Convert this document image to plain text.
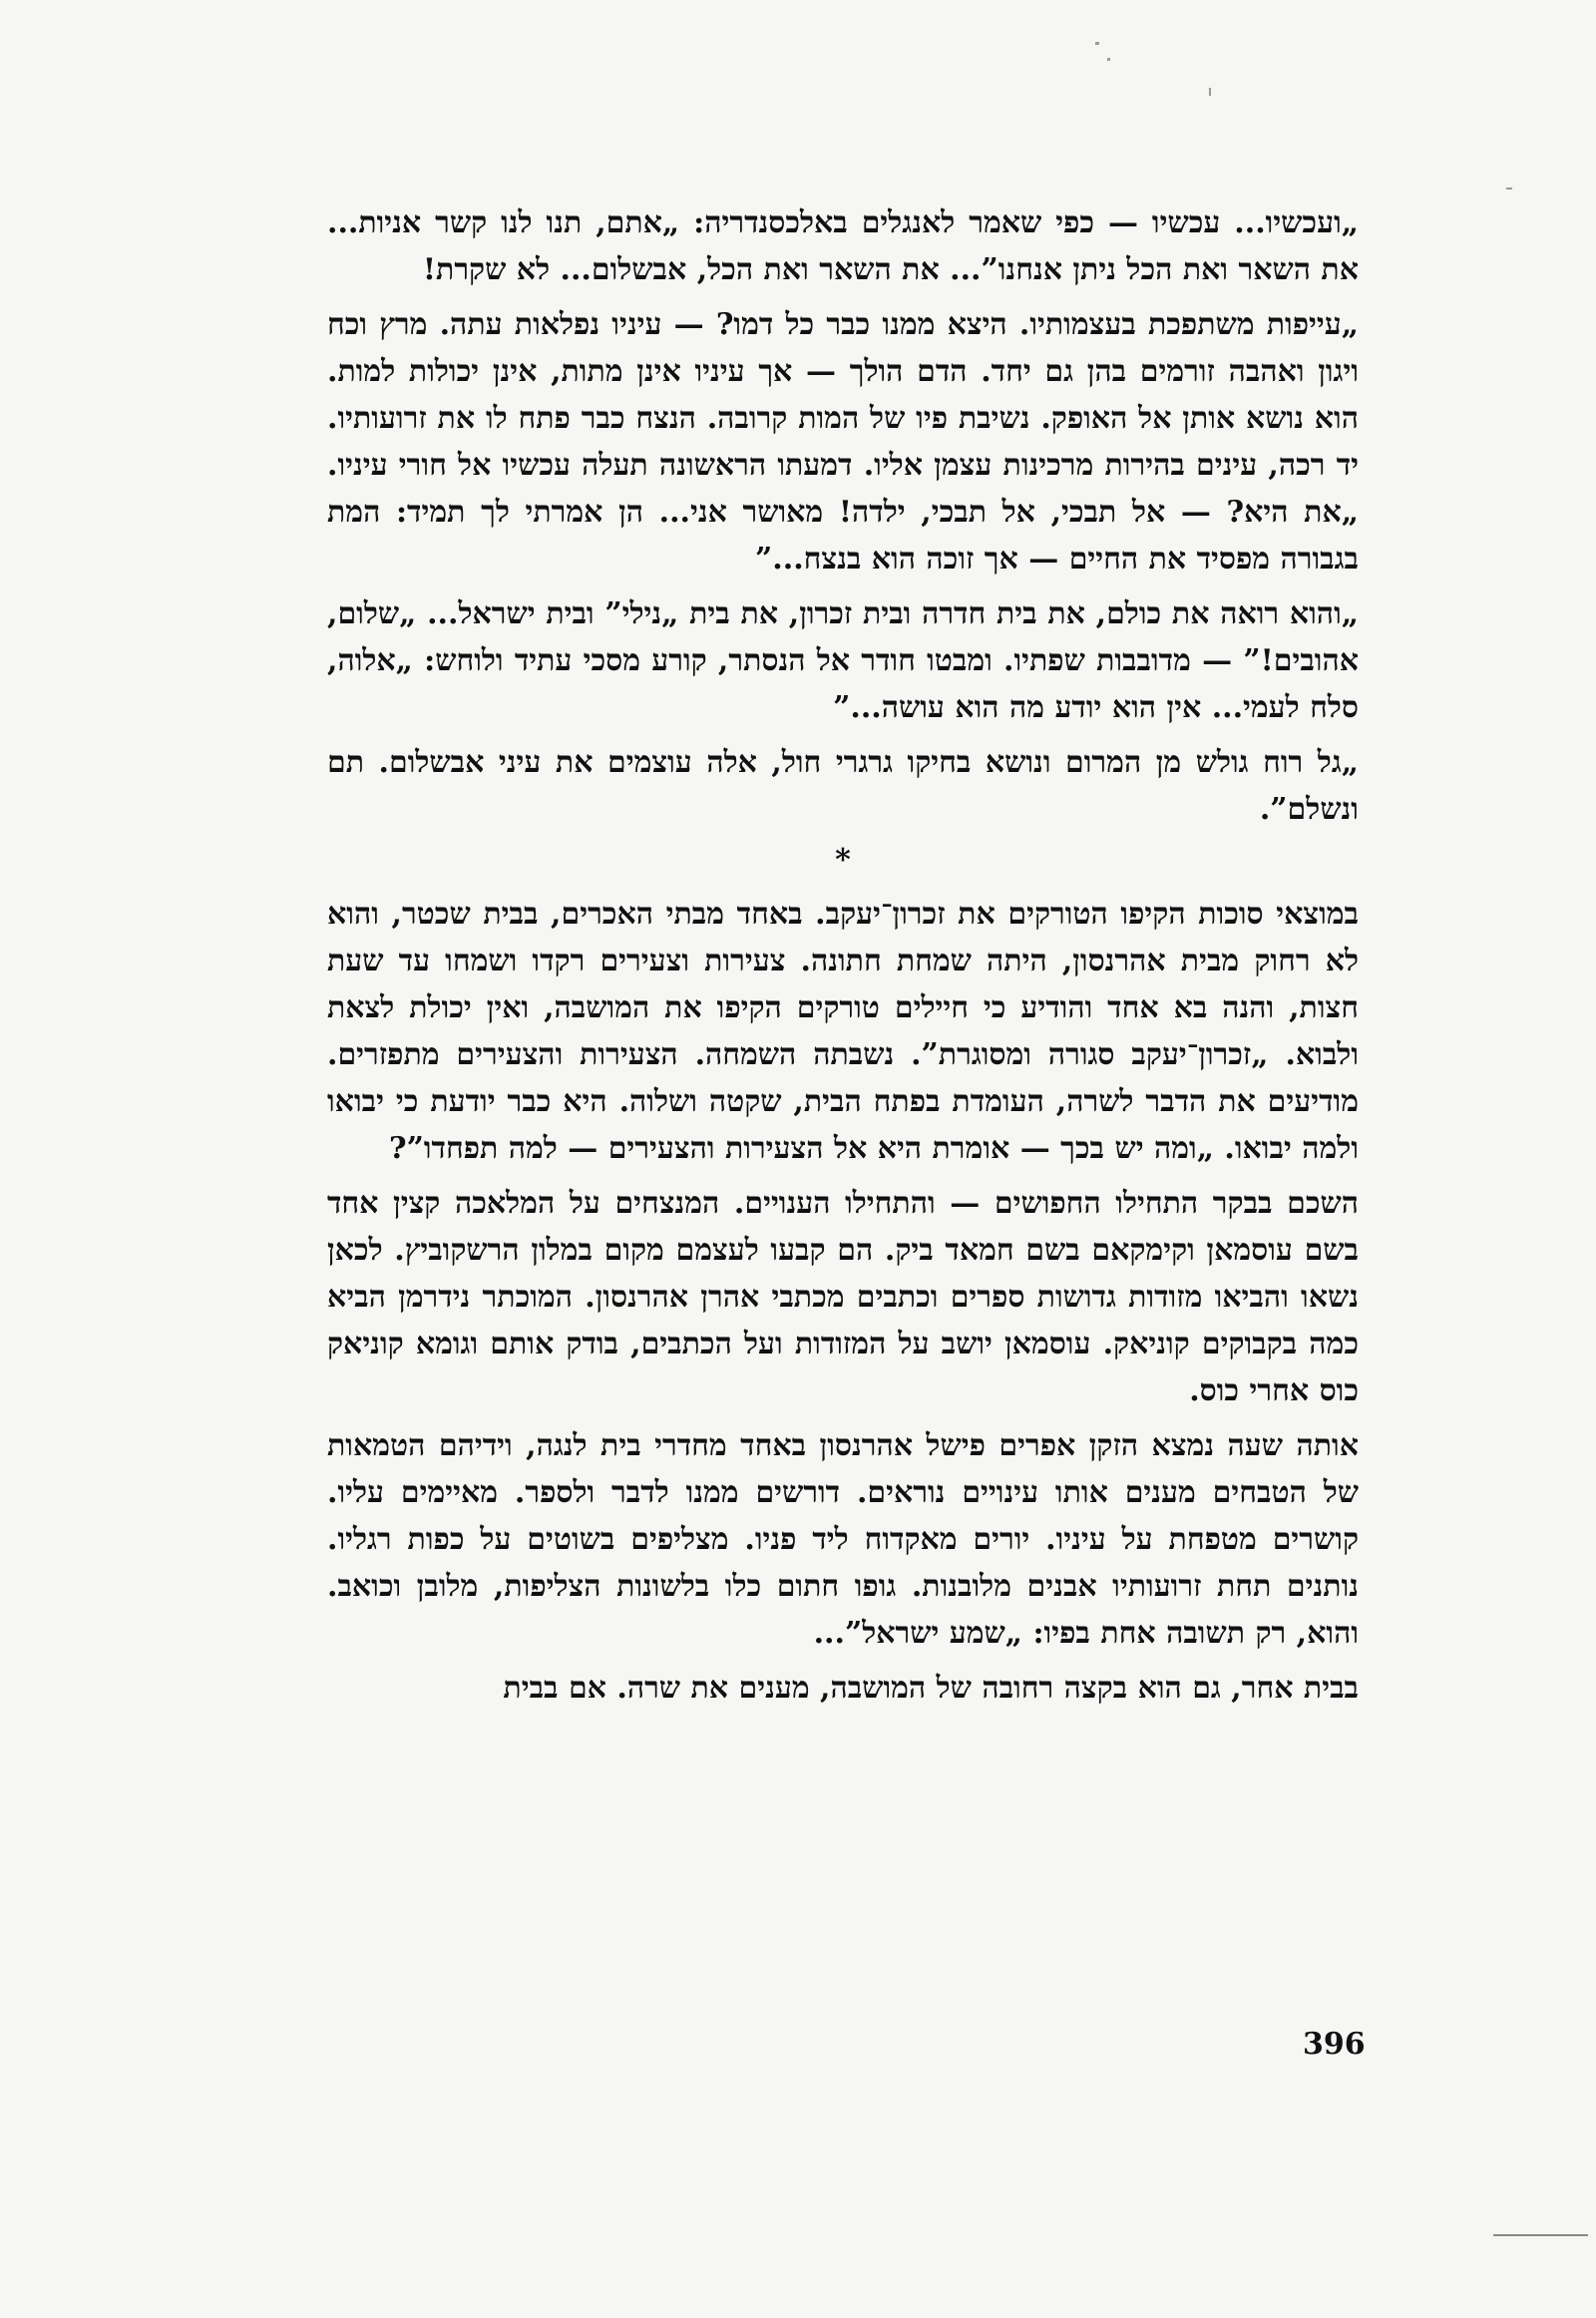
„ועכשיו... עכשיו — כפי שאמר לאנגלים באלכסנדריה: „אתם, תנו לנו קשר אניות... את השאר ואת הכל ניתן אנחנו”... את השאר ואת הכל, אבשלום... לא שקרת!

„עייפות משתפכת בעצמותיו. היצא ממנו כבר כל דמו? — עיניו נפלאות עתה. מרץ וכח ויגון ואהבה זורמים בהן גם יחד. הדם הולך — אך עיניו אינן מתות, אינן יכולות למות. הוא נושא אותן אל האופק. נשיבת פיו של המות קרובה. הנצח כבר פתח לו את זרועותיו. יד רכה, עינים בהירות מרכינות עצמן אליו. דמעתו הראשונה תעלה עכשיו אל חורי עיניו. „את היא? — אל תבכי, אל תבכי, ילדה! מאושר אני... הן אמרתי לך תמיד: המת בגבורה מפסיד את החיים — אך זוכה הוא בנצח...”

„והוא רואה את כולם, את בית חדרה ובית זכרון, את בית „נילי” ובית ישראל... „שלום, אהובים!” — מדובבות שפתיו. ומבטו חודר אל הנסתר, קורע מסכי עתיד ולוחש: „אלוה, סלח לעמי... אין הוא יודע מה הוא עושה...”

„גל רוח גולש מן המרום ונושא בחיקו גרגרי חול, אלה עוצמים את עיני אבשלום. תם ונשלם”.

*

במוצאי סוכות הקיפו הטורקים את זכרון־יעקב. באחד מבתי האכרים, בבית שכטר, והוא לא רחוק מבית אהרנסון, היתה שמחת חתונה. צעירות וצעירים רקדו ושמחו עד שעת חצות, והנה בא אחד והודיע כי חיילים טורקים הקיפו את המושבה, ואין יכולת לצאת ולבוא. „זכרון־יעקב סגורה ומסוגרת”. נשבתה השמחה. הצעירות והצעירים מתפזרים. מודיעים את הדבר לשרה, העומדת בפתח הבית, שקטה ושלוה. היא כבר יודעת כי יבואו ולמה יבואו. „ומה יש בכך — אומרת היא אל הצעירות והצעירים — למה תפחדו”?

השכם בבקר התחילו החפושים — והתחילו הענויים. המנצחים על המלאכה קצין אחד בשם עוסמאן וקימקאם בשם חמאד ביק. הם קבעו לעצמם מקום במלון הרשקוביץ. לכאן נשאו והביאו מזודות גדושות ספרים וכתבים מכתבי אהרן אהרנסון. המוכתר נידרמן הביא כמה בקבוקים קוניאק. עוסמאן יושב על המזודות ועל הכתבים, בודק אותם וגומא קוניאק כוס אחרי כוס.

אותה שעה נמצא הזקן אפרים פישל אהרנסון באחד מחדרי בית לנגה, וידיהם הטמאות של הטבחים מענים אותו עינויים נוראים. דורשים ממנו לדבר ולספר. מאיימים עליו. קושרים מטפחת על עיניו. יורים מאקדוח ליד פניו. מצליפים בשוטים על כפות רגליו. נותנים תחת זרועותיו אבנים מלובנות. גופו חתום כלו בלשונות הצליפות, מלובן וכואב. והוא, רק תשובה אחת בפיו: „שמע ישראל”...

בבית אחר, גם הוא בקצה רחובה של המושבה, מענים את שרה. אם בבית

396
